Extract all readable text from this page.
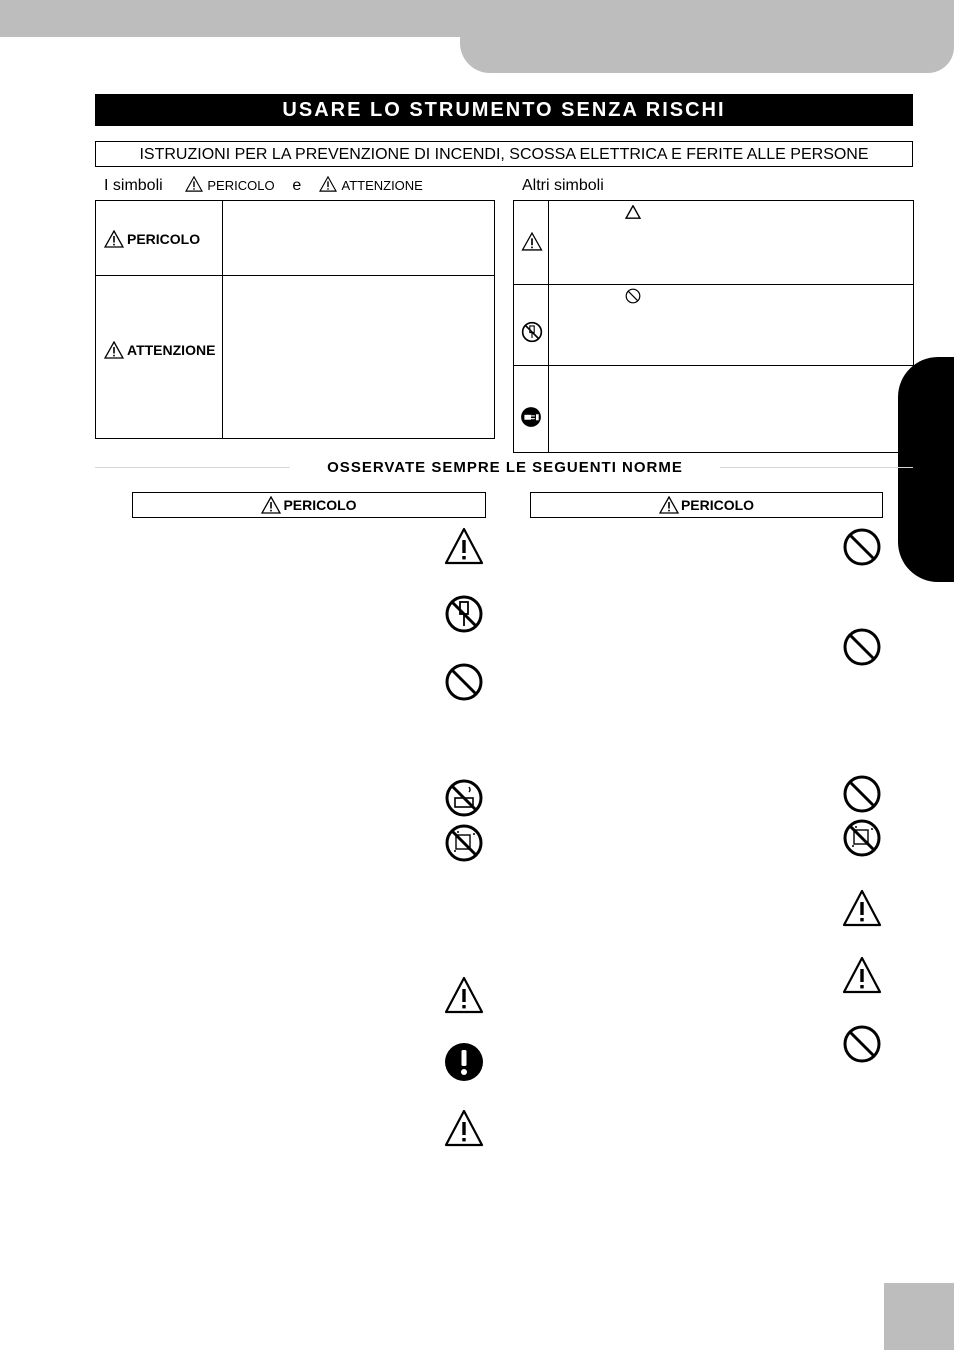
USARE LO STRUMENTO SENZA RISCHI
ISTRUZIONI PER LA PREVENZIONE DI INCENDI, SCOSSA ELETTRICA E FERITE ALLE PERSONE
I simboli	PERICOLO e	ATTENZIONE	Altri simboli
PERICOLO
ATTENZIONE
OSSERVATE SEMPRE LE SEGUENTI NORME
PERICOLO	PERICOLO
